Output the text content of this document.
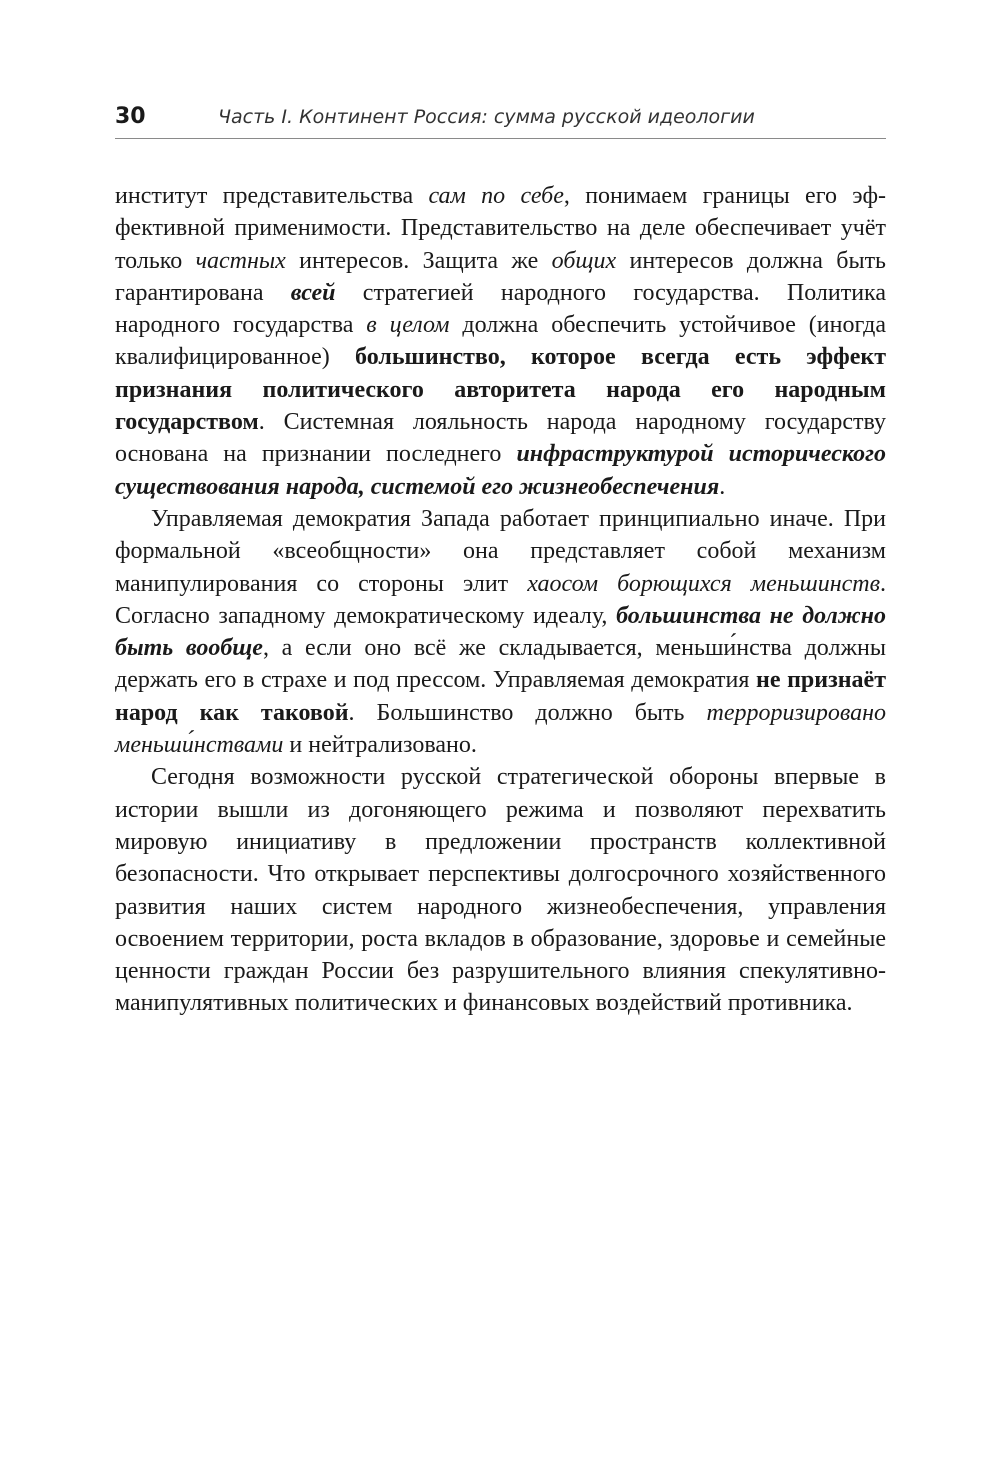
30	Часть I. Континент Россия: сумма русской идеологии

институт представительства сам по себе, понимаем границы его эффективной применимости. Представительство на деле обеспечивает учёт только частных интересов. Защита же общих интересов должна быть гарантирована всей стратегией народного государства. Политика народного государства в целом должна обеспечить устойчивое (иногда квалифицированное) большинство, которое всегда есть эффект признания политического авторитета народа его народным государством. Системная лояльность народа народному государству основана на признании последнего инфраструктурой исторического существования народа, системой его жизнеобеспечения.

Управляемая демократия Запада работает принципиально иначе. При формальной «всеобщности» она представляет собой механизм манипулирования со стороны элит хаосом борющихся меньшинств. Согласно западному демократическому идеалу, большинства не должно быть вообще, а если оно всё же складывается, меньши́нства должны держать его в страхе и под прессом. Управляемая демократия не признаёт народ как таковой. Большинство должно быть терроризировано меньши́нствами и нейтрализовано.

Сегодня возможности русской стратегической обороны впервые в истории вышли из догоняющего режима и позволяют перехватить мировую инициативу в предложении пространств коллективной безопасности. Что открывает перспективы долгосрочного хозяйственного развития наших систем народного жизнеобеспечения, управления освоением территории, роста вкладов в образование, здоровье и семейные ценности граждан России без разрушительного влияния спекулятивно-манипулятивных политических и финансовых воздействий противника.
